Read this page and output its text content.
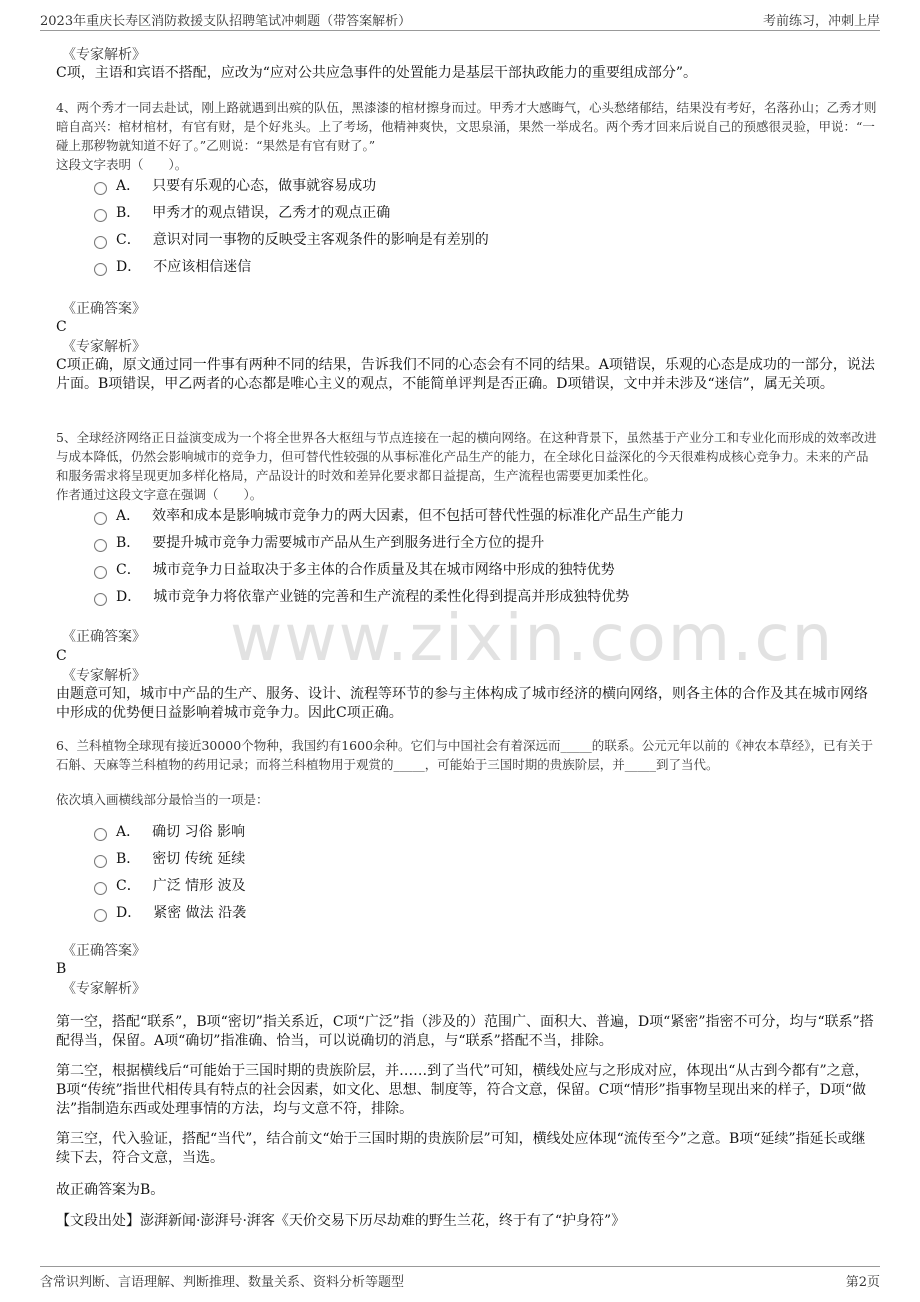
2023年重庆长寿区消防救援支队招聘笔试冲刺题（带答案解析）	考前练习，冲刺上岸
www.zixin.com.cn
《专家解析》
C项，主语和宾语不搭配，应改为“应对公共应急事件的处置能力是基层干部执政能力的重要组成部分”。
4、两个秀才一同去赴试，刚上路就遇到出殡的队伍，黑漆漆的棺材擦身而过。甲秀才大感晦气，心头愁绪郁结，结果没有考好，名落孙山；乙秀才则暗自高兴：棺材棺材，有官有财，是个好兆头。上了考场，他精神爽快，文思泉涌，果然一举成名。两个秀才回来后说自己的预感很灵验，甲说：“一碰上那秽物就知道不好了。”乙则说：“果然是有官有财了。”
这段文字表明（　　）。
A． 只要有乐观的心态，做事就容易成功
B． 甲秀才的观点错误，乙秀才的观点正确
C． 意识对同一事物的反映受主客观条件的影响是有差别的
D． 不应该相信迷信
《正确答案》
C
《专家解析》
C项正确，原文通过同一件事有两种不同的结果，告诉我们不同的心态会有不同的结果。A项错误，乐观的心态是成功的一部分，说法片面。B项错误，甲乙两者的心态都是唯心主义的观点，不能简单评判是否正确。D项错误，文中并未涉及“迷信”，属无关项。
5、全球经济网络正日益演变成为一个将全世界各大枢纽与节点连接在一起的横向网络。在这种背景下，虽然基于产业分工和专业化而形成的效率改进与成本降低，仍然会影响城市的竞争力，但可替代性较强的从事标准化产品生产的能力，在全球化日益深化的今天很难构成核心竞争力。未来的产品和服务需求将呈现更加多样化格局，产品设计的时效和差异化要求都日益提高，生产流程也需要更加柔性化。
作者通过这段文字意在强调（　　）。
A． 效率和成本是影响城市竞争力的两大因素，但不包括可替代性强的标准化产品生产能力
B． 要提升城市竞争力需要城市产品从生产到服务进行全方位的提升
C． 城市竞争力日益取决于多主体的合作质量及其在城市网络中形成的独特优势
D． 城市竞争力将依靠产业链的完善和生产流程的柔性化得到提高并形成独特优势
《正确答案》
C
《专家解析》
由题意可知，城市中产品的生产、服务、设计、流程等环节的参与主体构成了城市经济的横向网络，则各主体的合作及其在城市网络中形成的优势便日益影响着城市竞争力。因此C项正确。
6、兰科植物全球现有接近30000个物种，我国约有1600余种。它们与中国社会有着深远而_____的联系。公元元年以前的《神农本草经》，已有关于石斛、天麻等兰科植物的药用记录；而将兰科植物用于观赏的_____，可能始于三国时期的贵族阶层，并_____到了当代。
依次填入画横线部分最恰当的一项是：
A． 确切 习俗 影响
B． 密切 传统 延续
C． 广泛 情形 波及
D． 紧密 做法 沿袭
《正确答案》
B
《专家解析》
第一空，搭配“联系”，B项“密切”指关系近，C项“广泛”指（涉及的）范围广、面积大、普遍，D项“紧密”指密不可分，均与“联系”搭配得当，保留。A项“确切”指准确、恰当，可以说确切的消息，与“联系”搭配不当，排除。
第二空，根据横线后“可能始于三国时期的贵族阶层，并……到了当代”可知，横线处应与之形成对应，体现出“从古到今都有”之意，B项“传统”指世代相传具有特点的社会因素，如文化、思想、制度等，符合文意，保留。C项“情形”指事物呈现出来的样子，D项“做法”指制造东西或处理事情的方法，均与文意不符，排除。
第三空，代入验证，搭配“当代”，结合前文“始于三国时期的贵族阶层”可知，横线处应体现“流传至今”之意。B项“延续”指延长或继续下去，符合文意，当选。
故正确答案为B。
【文段出处】澎湃新闻·澎湃号·湃客《天价交易下历尽劫难的野生兰花，终于有了“护身符”》
含常识判断、言语理解、判断推理、数量关系、资料分析等题型	第2页
